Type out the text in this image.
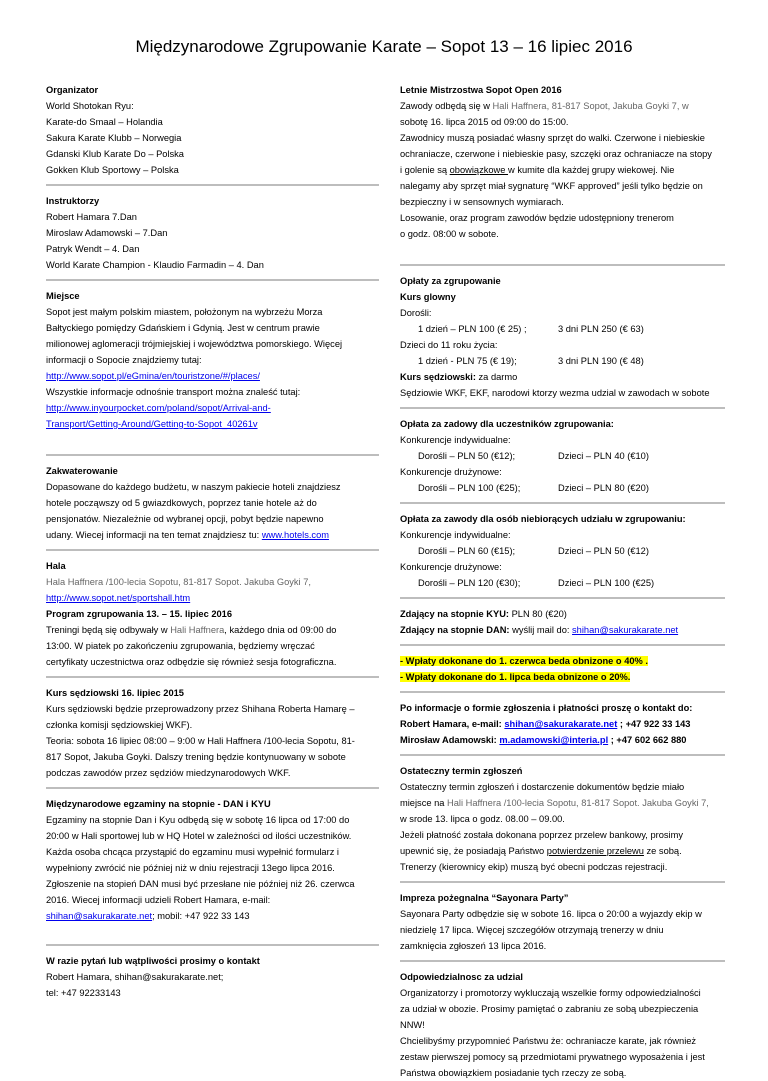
Międzynarodowe Zgrupowanie Karate – Sopot 13 – 16 lipiec 2016
Organizator
World Shotokan Ryu:
Karate-do Smaal – Holandia
Sakura Karate Klubb – Norwegia
Gdanski Klub Karate Do – Polska
Gokken Klub Sportowy – Polska
Instruktorzy
Robert Hamara 7.Dan
Miroslaw Adamowski – 7.Dan
Patryk Wendt – 4. Dan
World Karate Champion - Klaudio Farmadin – 4. Dan
Miejsce
Sopot jest małym polskim miastem, położonym na wybrzeżu Morza
Bałtyckiego pomiędzy Gdańskiem i Gdynią. Jest w centrum prawie
milionowej aglomeracji trójmiejskiej i województwa pomorskiego. Więcej
informacji o Sopocie znajdziemy tutaj:
http://www.sopot.pl/eGmina/en/touristzone/#/places/
Wszystkie informacje odnośnie transport można znaleść tutaj:
http://www.inyourpocket.com/poland/sopot/Arrival-and-
Transport/Getting-Around/Getting-to-Sopot_40261v
Zakwaterowanie
Dopasowane do każdego budżetu, w naszym pakiecie hoteli znajdziesz
hotele począwszy od 5 gwiazdkowych, poprzez tanie hotele aż do
pensjonatów. Niezależnie od wybranej opcji, pobyt będzie napewno
udany. Wiecej informacji na ten temat znajdziesz tu: www.hotels.com
Hala
Hala Haffnera /100-lecia Sopotu, 81-817 Sopot. Jakuba Goyki 7,
http://www.sopot.net/sportshall.htm
Program zgrupowania 13. – 15. lipiec 2016
Treningi będą się odbywały w Hali Haffnera, każdego dnia od 09:00 do
13:00. W piatek po zakończeniu zgrupowania, będziemy wręczać
certyfikaty uczestnictwa oraz odbędzie się również sesja fotograficzna.
Kurs sędziowski 16. lipiec 2015
Kurs sędziowski będzie przeprowadzony przez Shihana Roberta Hamarę –
członka komisji sędziowskiej WKF).
Teoria: sobota 16 lipiec 08:00 – 9:00 w Hali Haffnera /100-lecia Sopotu, 81-
817 Sopot, Jakuba Goyki. Dalszy trening będzie kontynuowany w sobote
podczas zawodów przez sędziów miedzynarodowych WKF.
Międzynarodowe egzaminy na stopnie - DAN i KYU
Egzaminy na stopnie Dan i Kyu odbędą się w sobotę 16 lipca od 17:00 do
20:00 w Hali sportowej lub w HQ Hotel w zależności od ilości uczestników.
Każda osoba chcąca przystąpić do egzaminu musi wypełnić formularz i
wypełniony zwrócić nie później niż w dniu rejestracji 13ego lipca 2016.
Zgłoszenie na stopień DAN musi być przesłane nie później niż 26. czerwca
2016. Wiecej informacji udzieli Robert Hamara, e-mail:
shihan@sakurakarate.net; mobil: +47 922 33 143
W razie pytań lub wątpliwości prosimy o kontakt
Robert Hamara, shihan@sakurakarate.net;
tel: +47 92233143
Letnie Mistrzostwa Sopot Open 2016
Zawody odbędą się w Hali Haffnera, 81-817 Sopot, Jakuba Goyki 7, w
sobotę 16. lipca 2015 od 09:00 do 15:00.
Zawodnicy muszą posiadać własny sprzęt do walki. Czerwone i niebieskie
ochraniacze, czerwone i niebieskie pasy, szczęki oraz ochraniacze na stopy
i golenie są obowiązkowe w kumite dla każdej grupy wiekowej. Nie
nalegamy aby sprzęt miał sygnaturę “WKF approved” jeśli tylko będzie on
bezpieczny i w sensownych wymiarach.
Losowanie, oraz program zawodów będzie udostępniony trenerom
o godz. 08:00 w sobote.
Opłaty za zgrupowanie
Kurs glowny
Dorośli:
1 dzień – PLN 100 (€ 25) ;	3 dni PLN 250 (€ 63)
Dzieci do 11 roku życia:
1 dzień - PLN 75 (€ 19);	3 dni PLN 190 (€ 48)
Kurs sędziowski: za darmo
Sędziowie WKF, EKF, narodowi ktorzy wezma udzial w zawodach w sobote
Opłata za zadowy dla uczestników zgrupowania:
Konkurencje indywidualne:
Dorośli – PLN 50 (€12);	Dzieci – PLN 40 (€10)
Konkurencje drużynowe:
Dorośli – PLN 100 (€25);	Dzieci – PLN 80 (€20)
Opłata za zawody dla osób niebiorących udziału w zgrupowaniu:
Konkurencje indywidualne:
Dorośli – PLN 60 (€15);	Dzieci – PLN 50 (€12)
Konkurencje drużynowe:
Dorośli – PLN 120 (€30);	Dzieci – PLN 100 (€25)
Zdający na stopnie KYU: PLN 80 (€20)
Zdający na stopnie DAN: wyślij mail do: shihan@sakurakarate.net
- Wpłaty dokonane do 1. czerwca beda obnizone o 40% .
- Wpłaty dokonane do 1. lipca beda obnizone o 20%.
Po informacje o formie zgłoszenia i płatności proszę o kontakt do:
Robert Hamara, e-mail: shihan@sakurakarate.net ; +47 922 33 143
Mirosław Adamowski: m.adamowski@interia.pl ; +47 602 662 880
Ostateczny termin zgłoszeń
Ostateczny termin zgłoszeń i dostarczenie dokumentów będzie miało
miejsce na Hali Haffnera /100-lecia Sopotu, 81-817 Sopot. Jakuba Goyki 7,
w srode 13. lipca o godz. 08.00 – 09.00.
Jeżeli płatność została dokonana poprzez przelew bankowy, prosimy
upewnić się, że posiadają Państwo potwierdzenie przelewu ze sobą.
Trenerzy (kierownicy ekip) muszą być obecni podczas rejestracji.
Impreza pożegnalna “Sayonara Party”
Sayonara Party odbędzie się w sobote 16. lipca o 20:00 a wyjazdy ekip w
niedzielę 17 lipca. Więcej szczegółów otrzymają trenerzy w dniu
zamknięcia zgłoszeń 13 lipca 2016.
Odpowiedzialnosc za udzial
Organizatorzy i promotorzy wykluczają wszelkie formy odpowiedzialności
za udział w obozie. Prosimy pamiętać o zabraniu ze sobą ubezpieczenia
NNW!
Chcielibyśmy przypomnieć Państwu że: ochraniacze karate, jak również
zestaw pierwszej pomocy są przedmiotami prywatnego wyposażenia i jest
Państwa obowiązkiem posiadanie tych rzeczy ze sobą.
